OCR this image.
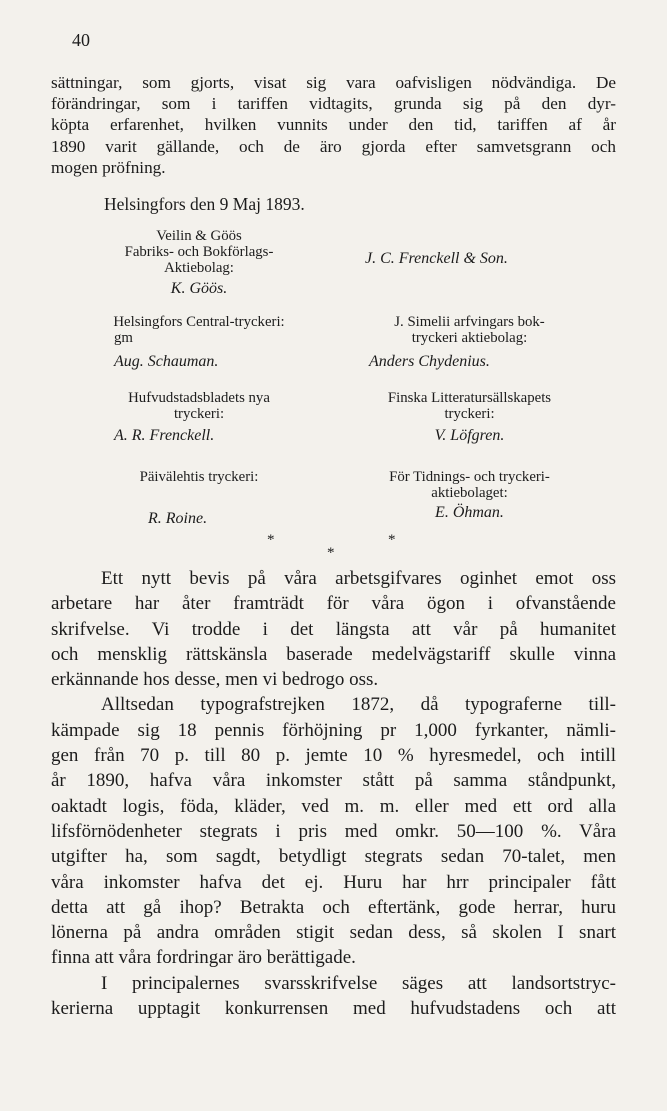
40
sättningar, som gjorts, visat sig vara oafvisligen nödvändiga. De
förändringar, som i tariffen vidtagits, grunda sig på den dyr-
köpta erfarenhet, hvilken vunnits under den tid, tariffen af år
1890 varit gällande, och de äro gjorda efter samvetsgrann och
mogen pröfning.
Helsingfors den 9 Maj 1893.
Veilin & Göös
Fabriks- och Bokförlags-
Aktiebolag:
K. Göös.
Helsingfors Central-tryckeri:
gm
Aug. Schauman.
Hufvudstadsbladets nya
tryckeri:
A. R. Frenckell.
Päivälehtis tryckeri:
R. Roine.
J. C. Frenckell & Son.
J. Simelii arfvingars bok-
tryckeri aktiebolag:
Anders Chydenius.
Finska Litteratursällskapets
tryckeri:
V. Löfgren.
För Tidnings- och tryckeri-
aktiebolaget:
E. Öhman.
*
*
*
Ett nytt bevis på våra arbetsgifvares oginhet emot oss
arbetare har åter framträdt för våra ögon i ofvanstående
skrifvelse. Vi trodde i det längsta att vår på humanitet
och mensklig rättskänsla baserade medelvägstariff skulle vinna
erkännande hos desse, men vi bedrogo oss.
Alltsedan typografstrejken 1872, då typograferne till-
kämpade sig 18 pennis förhöjning pr 1,000 fyrkanter, nämli-
gen från 70 p. till 80 p. jemte 10 % hyresmedel, och intill
år 1890, hafva våra inkomster stått på samma ståndpunkt,
oaktadt logis, föda, kläder, ved m. m. eller med ett ord alla
lifsförnödenheter stegrats i pris med omkr. 50—100 %. Våra
utgifter ha, som sagdt, betydligt stegrats sedan 70-talet, men
våra inkomster hafva det ej. Huru har hrr principaler fått
detta att gå ihop? Betrakta och eftertänk, gode herrar, huru
lönerna på andra områden stigit sedan dess, så skolen I snart
finna att våra fordringar äro berättigade.
I principalernes svarsskrifvelse säges att landsortstryc-
kerierna upptagit konkurrensen med hufvudstadens och att
